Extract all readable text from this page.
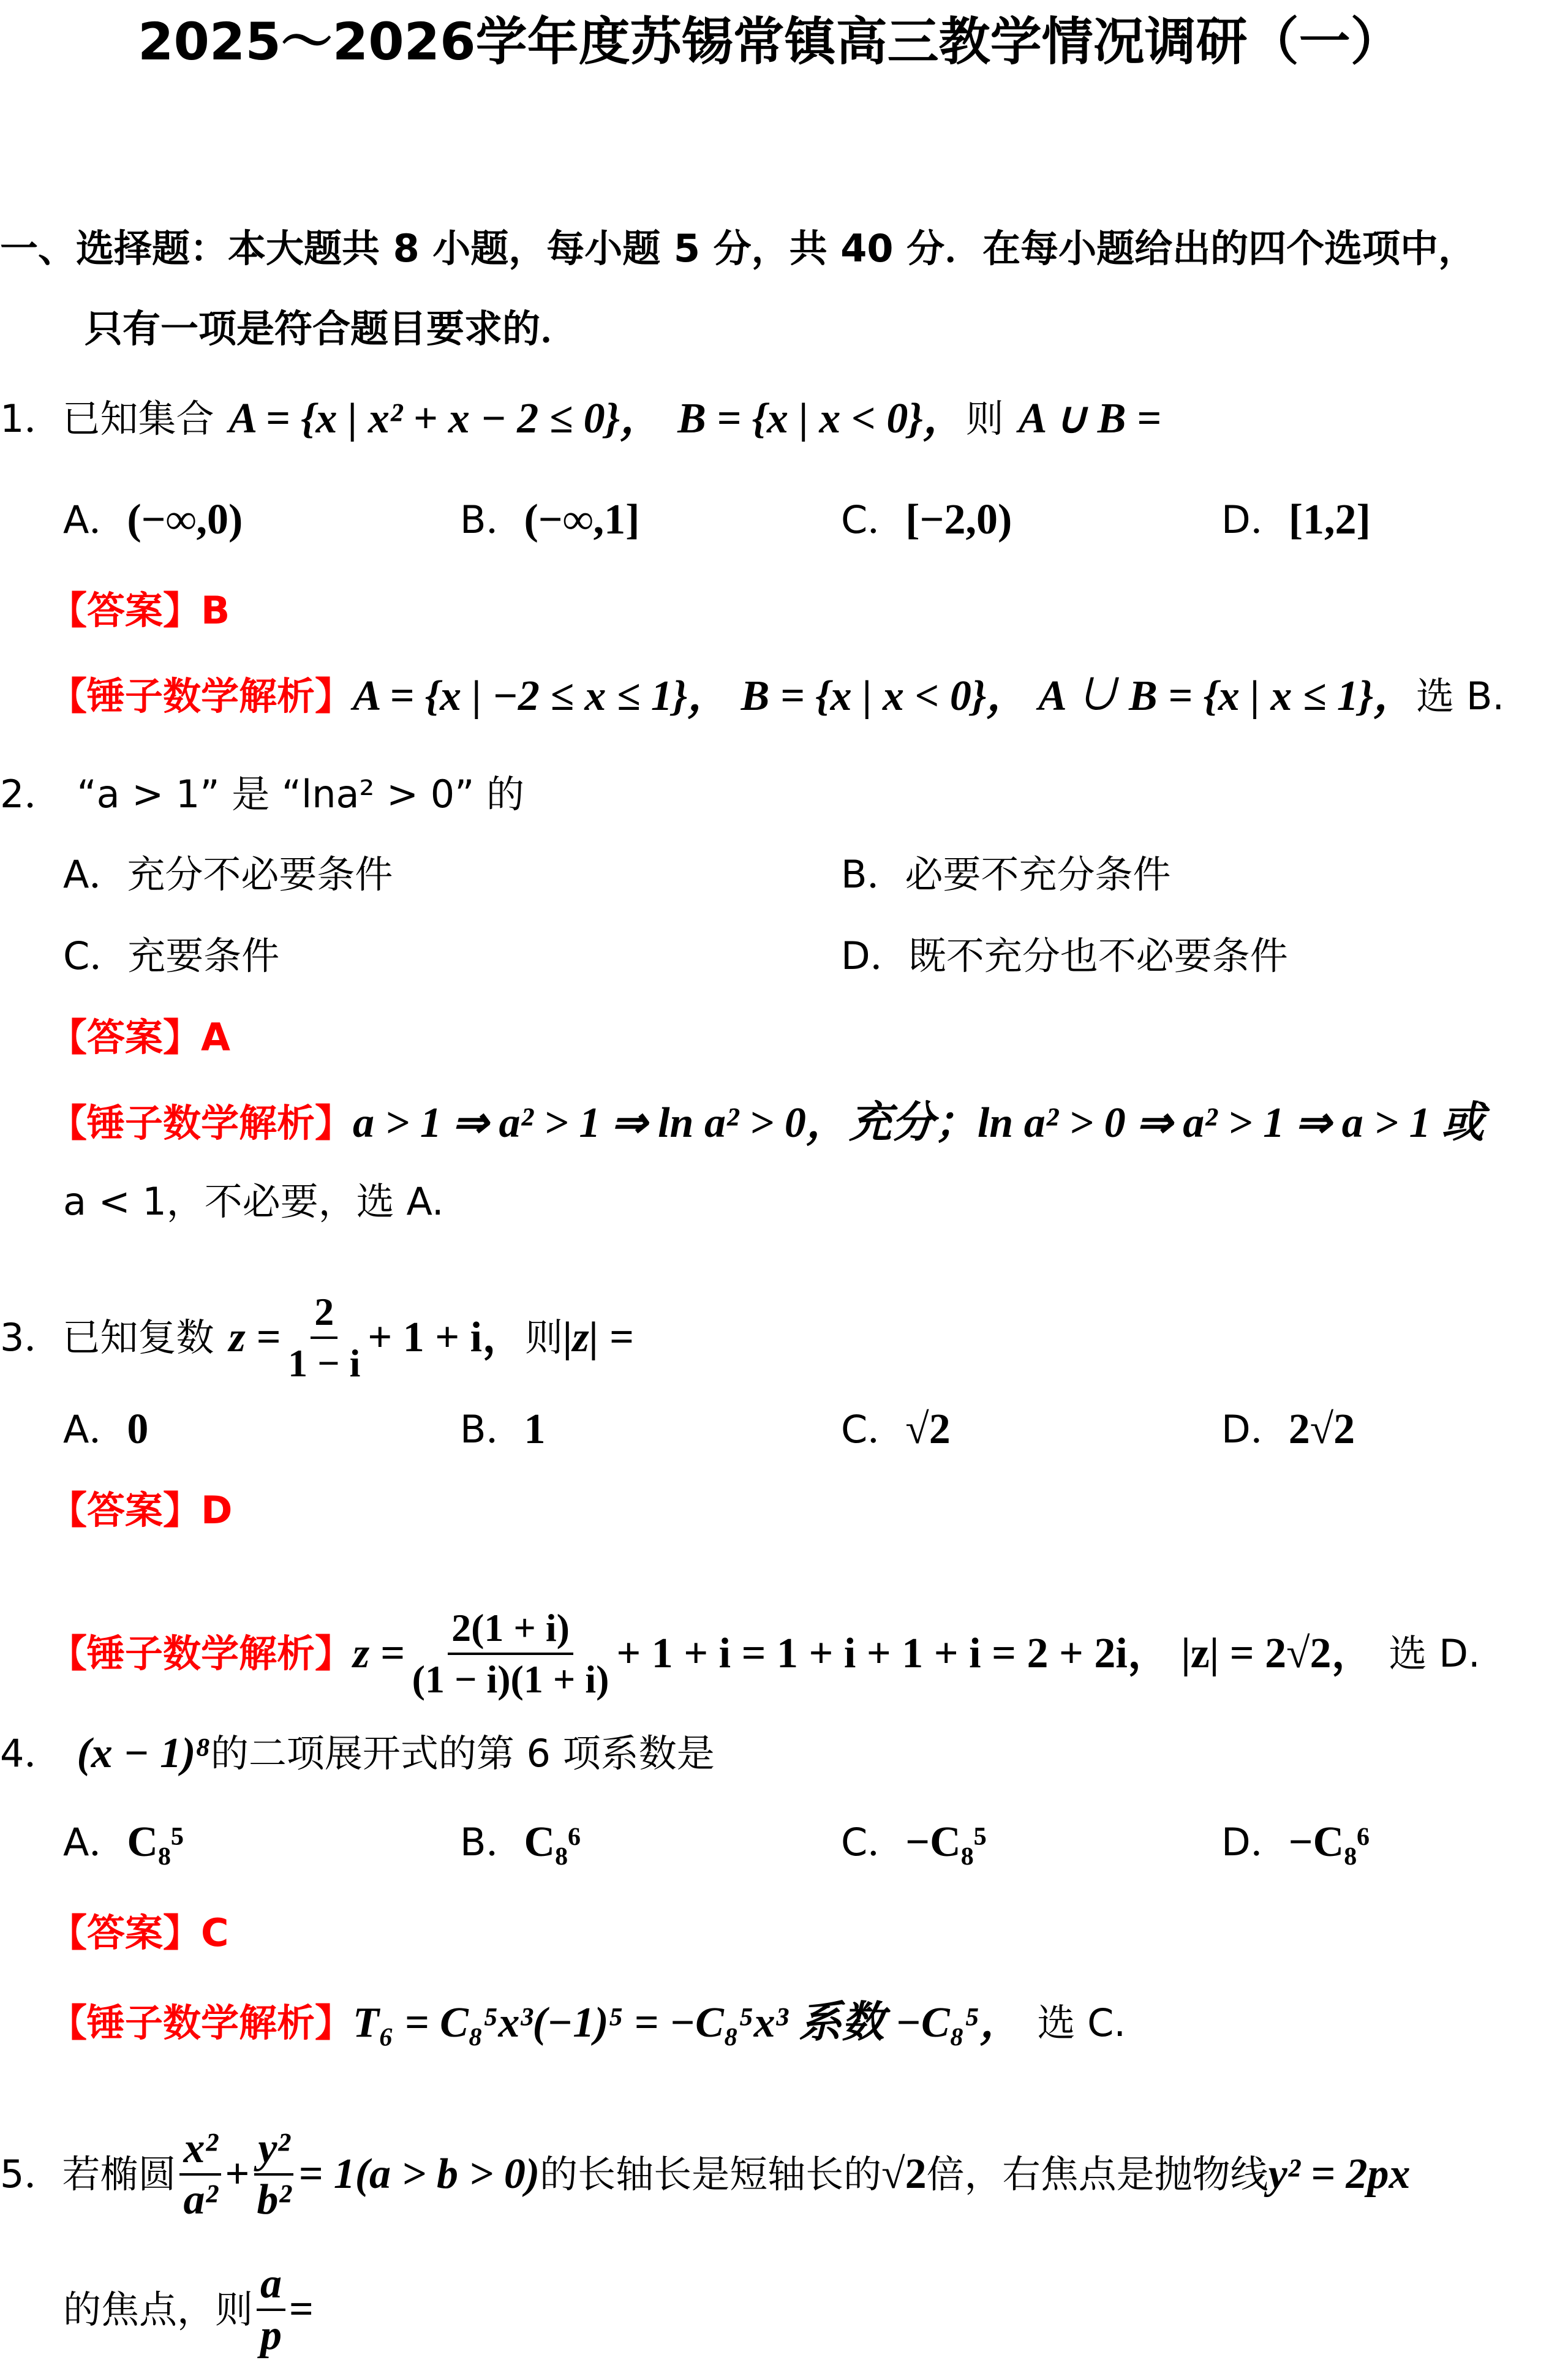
2025～2026学年度苏锡常镇高三教学情况调研（一）
一、选择题：本大题共 8 小题，每小题 5 分，共 40 分．在每小题给出的四个选项中，
只有一项是符合题目要求的．
1． 已知集合 A = {x | x² + x − 2 ≤ 0}， B = {x | x < 0}， 则 A ∪ B =
A． (−∞,0)	B． (−∞,1]	C． [−2,0)	D． [1,2]
【答案】 B
【锤子数学解析】 A = {x | −2 ≤ x ≤ 1}， B = {x | x < 0}， A ∪ B = {x | x ≤ 1}， 选 B.
2． “a > 1” 是 “lna² > 0” 的
A． 充分不必要条件	B． 必要不充分条件
C． 充要条件	D． 既不充分也不必要条件
【答案】 A
【锤子数学解析】 a > 1 ⇒ a² > 1 ⇒ ln a² > 0，充分；ln a² > 0 ⇒ a² > 1 ⇒ a > 1 或
a < 1，不必要，选 A.
3． 已知复数 $z = \frac{2}{1 - i} + 1 + i$， 则 |z| =
A． 0	B． 1	C． √2	D． 2√2
【答案】 D
【锤子数学解析】 $z = \frac{2(1 + i)}{(1 - i)(1 + i)} + 1 + i = 1 + i + 1 + i = 2 + 2i$， |z| = 2√2， 选 D.
4． (x − 1)⁸ 的二项展开式的第 6 项系数是
A． C₈⁵	B． C₈⁶	C． −C₈⁵	D． −C₈⁶
【答案】 C
【锤子数学解析】 T₆ = C₈⁵x³(−1)⁵ = −C₈⁵x³ 系数 −C₈⁵， 选 C.
5． 若椭圆 $\frac{\text{x²}}{\text{a²}} + \frac{\text{y²}}{\text{b²}} = 1(a > b > 0)$ 的长轴长是短轴长的 √2 倍，右焦点是抛物线 y² = 2px
的焦点，则 $\frac{a}{p}$ =
